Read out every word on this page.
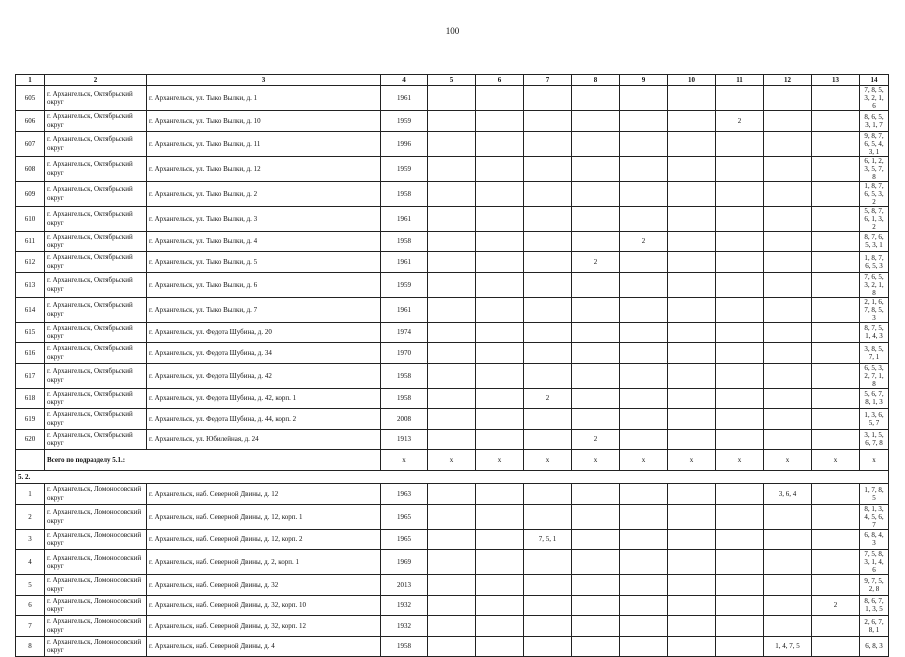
100
1	2	3	4	5	6	7	8	9	10	11	12	13	14
605	г. Архангельск, Октябрьский округ	г. Архангельск, ул. Тыко Вылки, д. 1	1961										7, 8, 5, 3, 2, 1, 6
606	г. Архангельск, Октябрьский округ	г. Архангельск, ул. Тыко Вылки, д. 10	1959							2			8, 6, 5, 3, 1, 7
607	г. Архангельск, Октябрьский округ	г. Архангельск, ул. Тыко Вылки, д. 11	1996										9, 8, 7, 6, 5, 4, 3, 1
608	г. Архангельск, Октябрьский округ	г. Архангельск, ул. Тыко Вылки, д. 12	1959										6, 1, 2, 3, 5, 7, 8
609	г. Архангельск, Октябрьский округ	г. Архангельск, ул. Тыко Вылки, д. 2	1958										1, 8, 7, 6, 5, 3, 2
610	г. Архангельск, Октябрьский округ	г. Архангельск, ул. Тыко Вылки, д. 3	1961										5, 8, 7, 6, 1, 3, 2
611	г. Архангельск, Октябрьский округ	г. Архангельск, ул. Тыко Вылки, д. 4	1958					2					8, 7, 6, 5, 3, 1
612	г. Архангельск, Октябрьский округ	г. Архангельск, ул. Тыко Вылки, д. 5	1961				2						1, 8, 7, 6, 5, 3
613	г. Архангельск, Октябрьский округ	г. Архангельск, ул. Тыко Вылки, д. 6	1959										7, 6, 5, 3, 2, 1, 8
614	г. Архангельск, Октябрьский округ	г. Архангельск, ул. Тыко Вылки, д. 7	1961										2, 1, 6, 7, 8, 5, 3
615	г. Архангельск, Октябрьский округ	г. Архангельск, ул. Федота Шубина, д. 20	1974										8, 7, 5, 1, 4, 3
616	г. Архангельск, Октябрьский округ	г. Архангельск, ул. Федота Шубина, д. 34	1970										3, 8, 5, 7, 1
617	г. Архангельск, Октябрьский округ	г. Архангельск, ул. Федота Шубина, д. 42	1958										6, 5, 3, 2, 7, 1, 8
618	г. Архангельск, Октябрьский округ	г. Архангельск, ул. Федота Шубина, д. 42, корп. 1	1958			2							5, 6, 7, 8, 1, 3
619	г. Архангельск, Октябрьский округ	г. Архангельск, ул. Федота Шубина, д. 44, корп. 2	2008										1, 3, 6, 5, 7
620	г. Архангельск, Октябрьский округ	г. Архангельск, ул. Юбилейная, д. 24	1913				2						3, 1, 5, 6, 7, 8
	Всего по подразделу 5.1.:		x	x	x	x	x	x	x	x	x	x	x
5. 2.													
1	г. Архангельск, Ломоносовский округ	г. Архангельск, наб. Северной Двины, д. 12	1963								3, 6, 4		1, 7, 8, 5
2	г. Архангельск, Ломоносовский округ	г. Архангельск, наб. Северной Двины, д. 12, корп. 1	1965										8, 1, 3, 4, 5, 6, 7
3	г. Архангельск, Ломоносовский округ	г. Архангельск, наб. Северной Двины, д. 12, корп. 2	1965			7, 5, 1							6, 8, 4, 3
4	г. Архангельск, Ломоносовский округ	г. Архангельск, наб. Северной Двины, д. 2, корп. 1	1969										7, 5, 8, 3, 1, 4, 6
5	г. Архангельск, Ломоносовский округ	г. Архангельск, наб. Северной Двины, д. 32	2013										9, 7, 5, 2, 8
6	г. Архангельск, Ломоносовский округ	г. Архангельск, наб. Северной Двины, д. 32, корп. 10	1932									2	8, 6, 7, 1, 3, 5
7	г. Архангельск, Ломоносовский округ	г. Архангельск, наб. Северной Двины, д. 32, корп. 12	1932										2, 6, 7, 8, 1
8	г. Архангельск, Ломоносовский округ	г. Архангельск, наб. Северной Двины, д. 4	1958								1, 4, 7, 5		6, 8, 3
